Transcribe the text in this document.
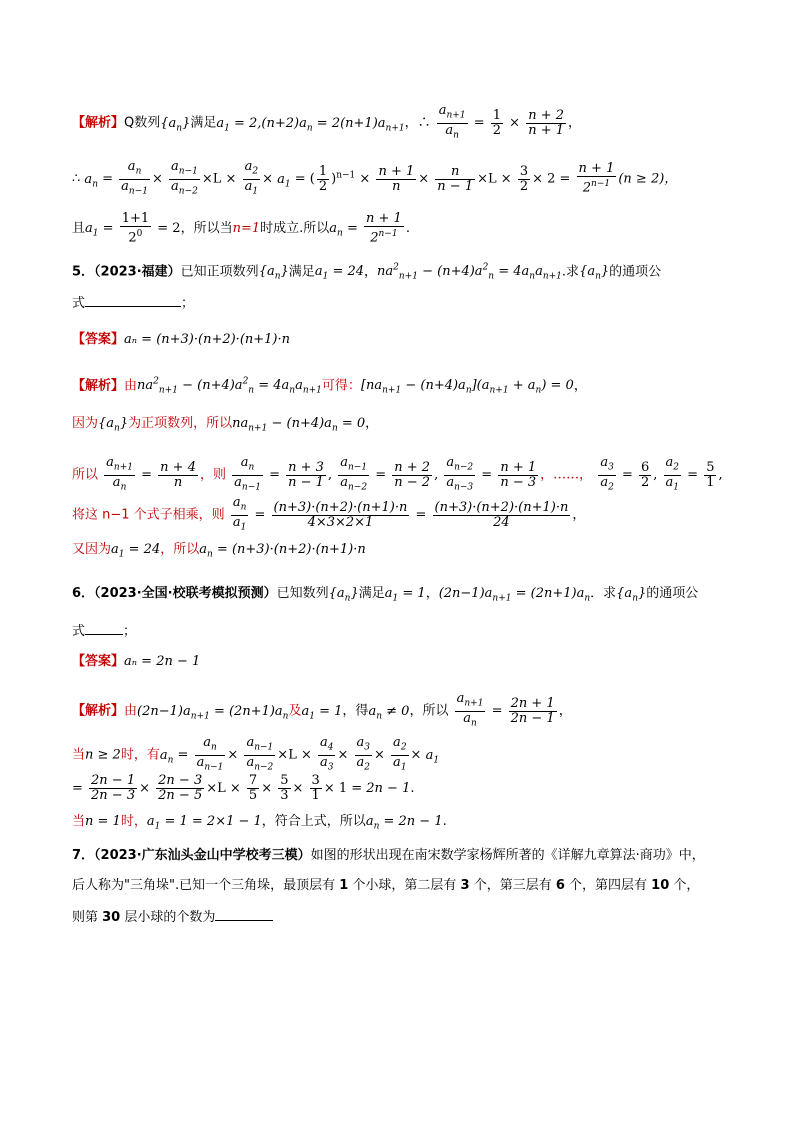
【解析】Q数列$\{a_n\}$满足$a_1 = 2,(n+2)a_n = 2(n+1)a_{n+1}$，∴ $\frac{a_{n+1}}{a_n} = \frac{1}{2} \times \frac{n + 2}{n + 1}$ ，
∴ $a_n = \frac{a_n}{a_{n-1}} \times \frac{a_{n-1}}{a_{n-2}} \times L \times \frac{a_2}{a_1} \times a_1$ = ( $\frac{1}{2} )^{n-1} \times \frac{n + 1}{n} \times \frac{n}{n - 1} \times L \times \frac{3}{2} \times 2 = \frac{n + 1}{2^{n-1}} (n \ge 2)$，
且$a_1 = \frac{1+1}{2^0} = 2$，所以当n=1时成立.所以$a_n = \frac{n + 1}{2^{n-1}}$ .
5．（2023·福建）已知正项数列$\{a_n\}$满足$a_1 = 24$，$na^2_{n+1} - (n+4)a^2_n = 4a_na_{n+1}$.求$\{a_n\}$的通项公
式	；
【答案】aₙ = (n+3)·(n+2)·(n+1)·n
【解析】由$na^2_{n+1} - (n+4)a^2_n = 4a_na_{n+1}$可得：$[na_{n+1} - (n+4)a_n](a_{n+1} + a_n) = 0$，
因为$\{a_n\}$为正项数列，所以$na_{n+1} - (n+4)a_n = 0$，
所以 $\frac{a_{n+1}}{a_n} = \frac{n + 4}{n}$ ，则 $\frac{a_n}{a_{n-1}} = \frac{n + 3}{n - 1}$ , $\frac{a_{n-1}}{a_{n-2}} = \frac{n + 2}{n - 2}$ , $\frac{a_{n-2}}{a_{n-3}} = \frac{n + 1}{n - 3}$ ，……， $\frac{a_3}{a_2} = \frac{6}{2}$ , $\frac{a_2}{a_1} = \frac{5}{1}$ ,
将这 n−1 个式子相乘，则 $\frac{a_n}{a_1} = \frac{(n+3)\cdot(n+2)\cdot(n+1)\cdot n}{4\times 3\times 2\times 1} = \frac{(n+3)\cdot(n+2)\cdot(n+1)\cdot n}{24}$ ，
又因为$a_1 = 24$，所以$a_n = (n+3)\cdot(n+2)\cdot(n+1)\cdot n$
6．（2023·全国·校联考模拟预测）已知数列$\{a_n\}$满足$a_1 = 1$，$(2n-1)a_{n+1} = (2n+1)a_n$．求$\{a_n\}$的通项公
式	；
【答案】aₙ = 2n − 1
【解析】由$(2n-1)a_{n+1} = (2n+1)a_n$及$a_1 = 1$，得$a_n \ne 0$，所以 $\frac{a_{n+1}}{a_n} = \frac{2n + 1}{2n - 1}$ ，
当n ≥ 2时，有$a_n = \frac{a_n}{a_{n-1}} \times \frac{a_{n-1}}{a_{n-2}} \times L \times \frac{a_4}{a_3} \times \frac{a_3}{a_2} \times \frac{a_2}{a_1} \times a_1$
= $\frac{2n - 1}{2n - 3} \times \frac{2n - 3}{2n - 5} \times L \times \frac{7}{5} \times \frac{5}{3} \times \frac{3}{1} \times 1 = 2n - 1$.
当n = 1时，$a_1 = 1 = 2\times 1 - 1$，符合上式，所以$a_n = 2n - 1$.
7．（2023·广东汕头金山中学校考三模）如图的形状出现在南宋数学家杨辉所著的《详解九章算法·商功》中，
后人称为"三角垛".已知一个三角垛，最顶层有 1 个小球，第二层有 3 个，第三层有 6 个，第四层有 10 个，
则第 30 层小球的个数为
